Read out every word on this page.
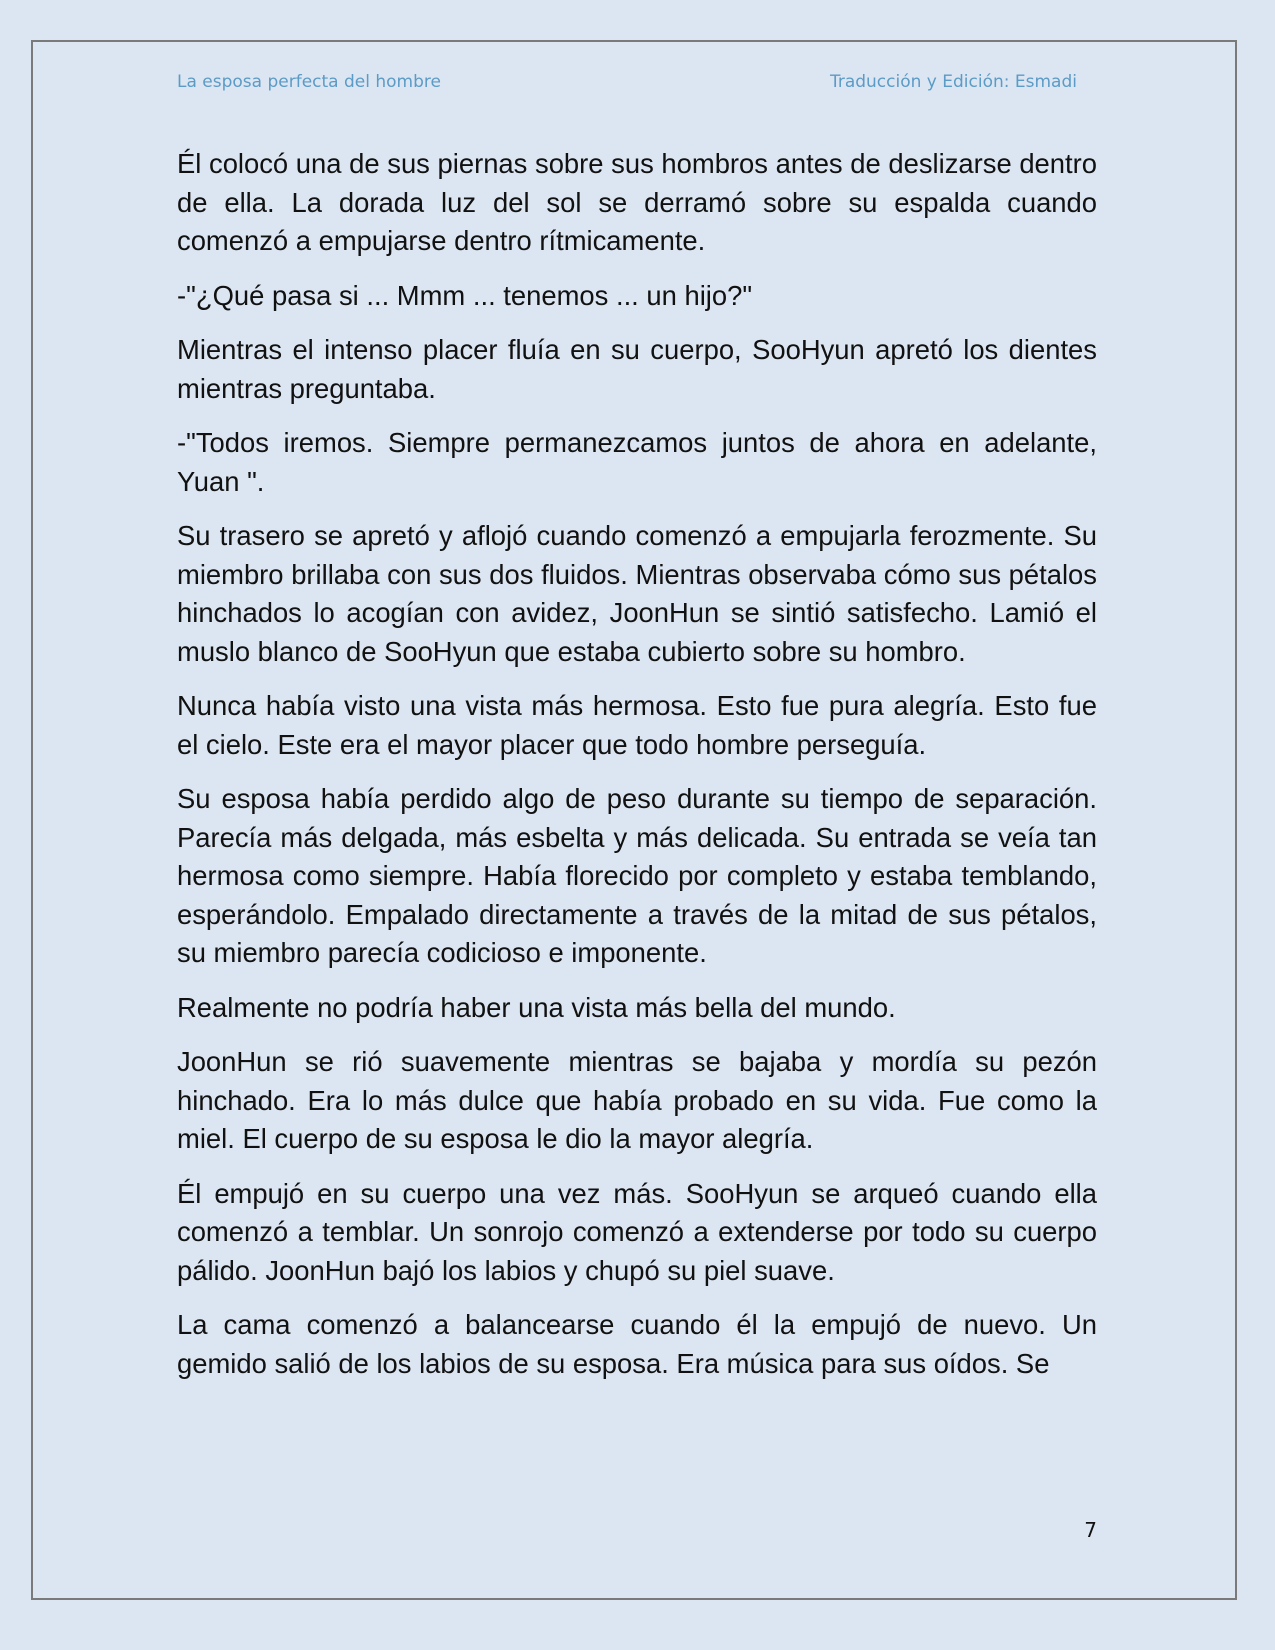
La esposa perfecta del hombre	Traducción y Edición: Esmadi

Él colocó una de sus piernas sobre sus hombros antes de deslizarse dentro de ella. La dorada luz del sol se derramó sobre su espalda cuando comenzó a empujarse dentro rítmicamente.

-"¿Qué pasa si ... Mmm ... tenemos ... un hijo?"

Mientras el intenso placer fluía en su cuerpo, SooHyun apretó los dientes mientras preguntaba.

-"Todos iremos. Siempre permanezcamos juntos de ahora en adelante, Yuan ".

Su trasero se apretó y aflojó cuando comenzó a empujarla ferozmente. Su miembro brillaba con sus dos fluidos. Mientras observaba cómo sus pétalos hinchados lo acogían con avidez, JoonHun se sintió satisfecho. Lamió el muslo blanco de SooHyun que estaba cubierto sobre su hombro.

Nunca había visto una vista más hermosa. Esto fue pura alegría. Esto fue el cielo. Este era el mayor placer que todo hombre perseguía.

Su esposa había perdido algo de peso durante su tiempo de separación. Parecía más delgada, más esbelta y más delicada. Su entrada se veía tan hermosa como siempre. Había florecido por completo y estaba temblando, esperándolo. Empalado directamente a través de la mitad de sus pétalos, su miembro parecía codicioso e imponente.

Realmente no podría haber una vista más bella del mundo.

JoonHun se rió suavemente mientras se bajaba y mordía su pezón hinchado. Era lo más dulce que había probado en su vida. Fue como la miel. El cuerpo de su esposa le dio la mayor alegría.

Él empujó en su cuerpo una vez más. SooHyun se arqueó cuando ella comenzó a temblar. Un sonrojo comenzó a extenderse por todo su cuerpo pálido. JoonHun bajó los labios y chupó su piel suave.

La cama comenzó a balancearse cuando él la empujó de nuevo. Un gemido salió de los labios de su esposa. Era música para sus oídos. Se

7
